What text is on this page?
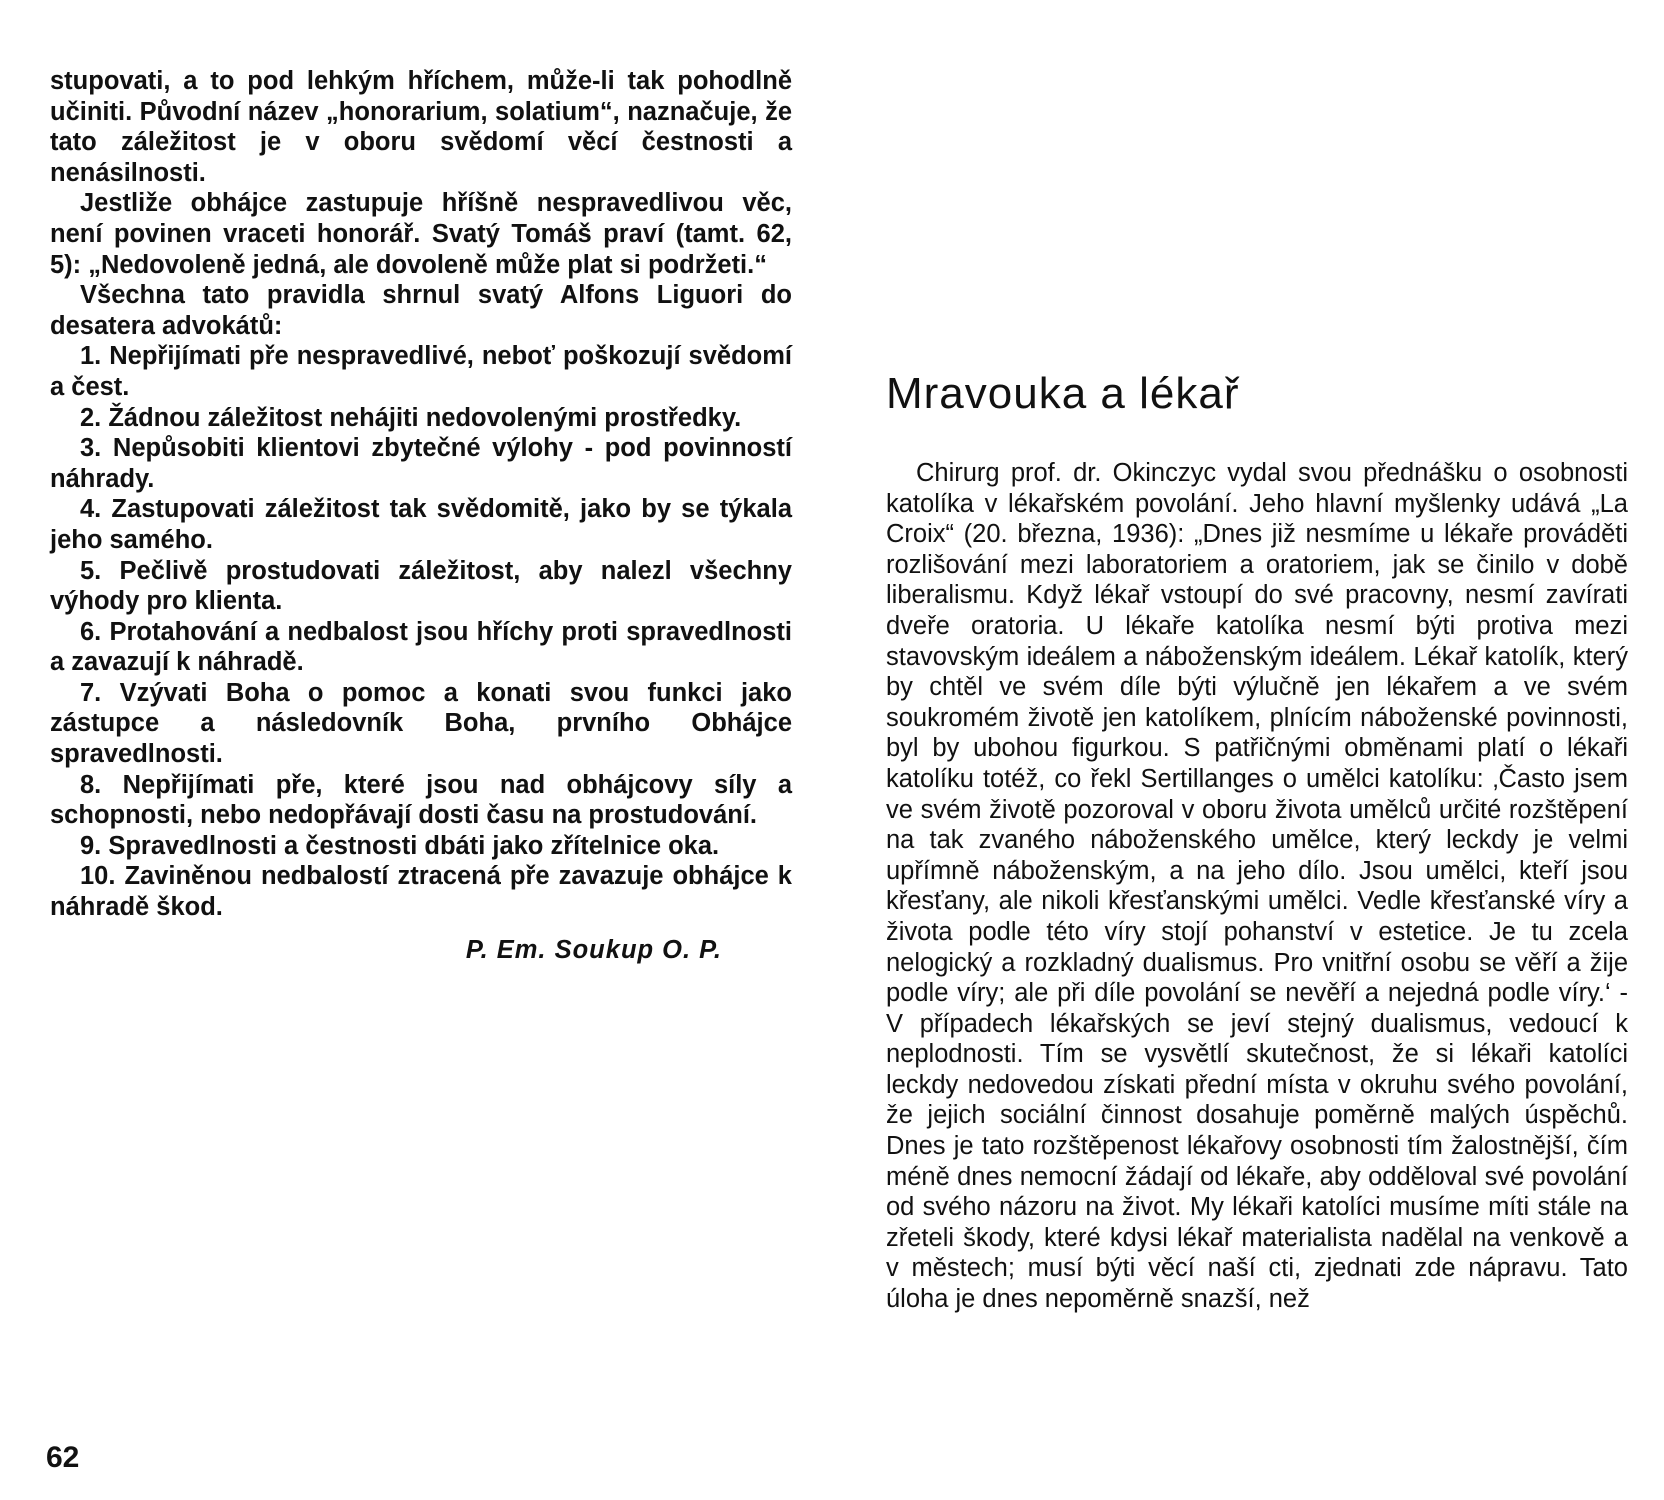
stupovati, a to pod lehkým hříchem, může-li tak pohodlně učiniti. Původní název „honorarium, solatium“, naznačuje, že tato záležitost je v oboru svědomí věcí čestnosti a nenásilnosti.

Jestliže obhájce zastupuje hříšně nespravedlivou věc, není povinen vraceti honorář. Svatý Tomáš praví (tamt. 62, 5): „Nedovoleně jedná, ale dovoleně může plat si podržeti.“

Všechna tato pravidla shrnul svatý Alfons Liguori do desatera advokátů:

1. Nepřijímati pře nespravedlivé, neboť poškozují svědomí a čest.

2. Žádnou záležitost nehájiti nedovolenými prostředky.

3. Nepůsobiti klientovi zbytečné výlohy - pod povinností náhrady.

4. Zastupovati záležitost tak svědomitě, jako by se týkala jeho samého.

5. Pečlivě prostudovati záležitost, aby nalezl všechny výhody pro klienta.

6. Protahování a nedbalost jsou hříchy proti spravedlnosti a zavazují k náhradě.

7. Vzývati Boha o pomoc a konati svou funkci jako zástupce a následovník Boha, prvního Obhájce spravedlnosti.

8. Nepřijímati pře, které jsou nad obhájcovy síly a schopnosti, nebo nedopřávají dosti času na prostudování.

9. Spravedlnosti a čestnosti dbáti jako zřítelnice oka.

10. Zaviněnou nedbalostí ztracená pře zavazuje obhájce k náhradě škod.

P. Em. Soukup O. P.
62
Mravouka a lékař

Chirurg prof. dr. Okinczyc vydal svou přednášku o osobnosti katolíka v lékařském povolání. Jeho hlavní myšlenky udává „La Croix“ (20. března, 1936): „Dnes již nesmíme u lékaře prováděti rozlišování mezi laboratoriem a oratoriem, jak se činilo v době liberalismu. Když lékař vstoupí do své pracovny, nesmí zavírati dveře oratoria. U lékaře katolíka nesmí býti protiva mezi stavovským ideálem a náboženským ideálem. Lékař katolík, který by chtěl ve svém díle býti výlučně jen lékařem a ve svém soukromém životě jen katolíkem, plnícím náboženské povinnosti, byl by ubohou figurkou. S patřičnými obměnami platí o lékaři katolíku totéž, co řekl Sertillanges o umělci katolíku: ‚Často jsem ve svém životě pozoroval v oboru života umělců určité rozštěpení na tak zvaného náboženského umělce, který leckdy je velmi upřímně náboženským, a na jeho dílo. Jsou umělci, kteří jsou křesťany, ale nikoli křesťanskými umělci. Vedle křesťanské víry a života podle této víry stojí pohanství v estetice. Je tu zcela nelogický a rozkladný dualismus. Pro vnitřní osobu se věří a žije podle víry; ale při díle povolání se nevěří a nejedná podle víry.‘ - V případech lékařských se jeví stejný dualismus, vedoucí k neplodnosti. Tím se vysvětlí skutečnost, že si lékaři katolíci leckdy nedovedou získati přední místa v okruhu svého povolání, že jejich sociální činnost dosahuje poměrně malých úspěchů. Dnes je tato rozštěpenost lékařovy osobnosti tím žalostnější, čím méně dnes nemocní žádají od lékaře, aby odděloval své povolání od svého názoru na život. My lékaři katolíci musíme míti stále na zřeteli škody, které kdysi lékař materialista nadělal na venkově a v městech; musí býti věcí naší cti, zjednati zde nápravu. Tato úloha je dnes nepoměrně snazší, než
